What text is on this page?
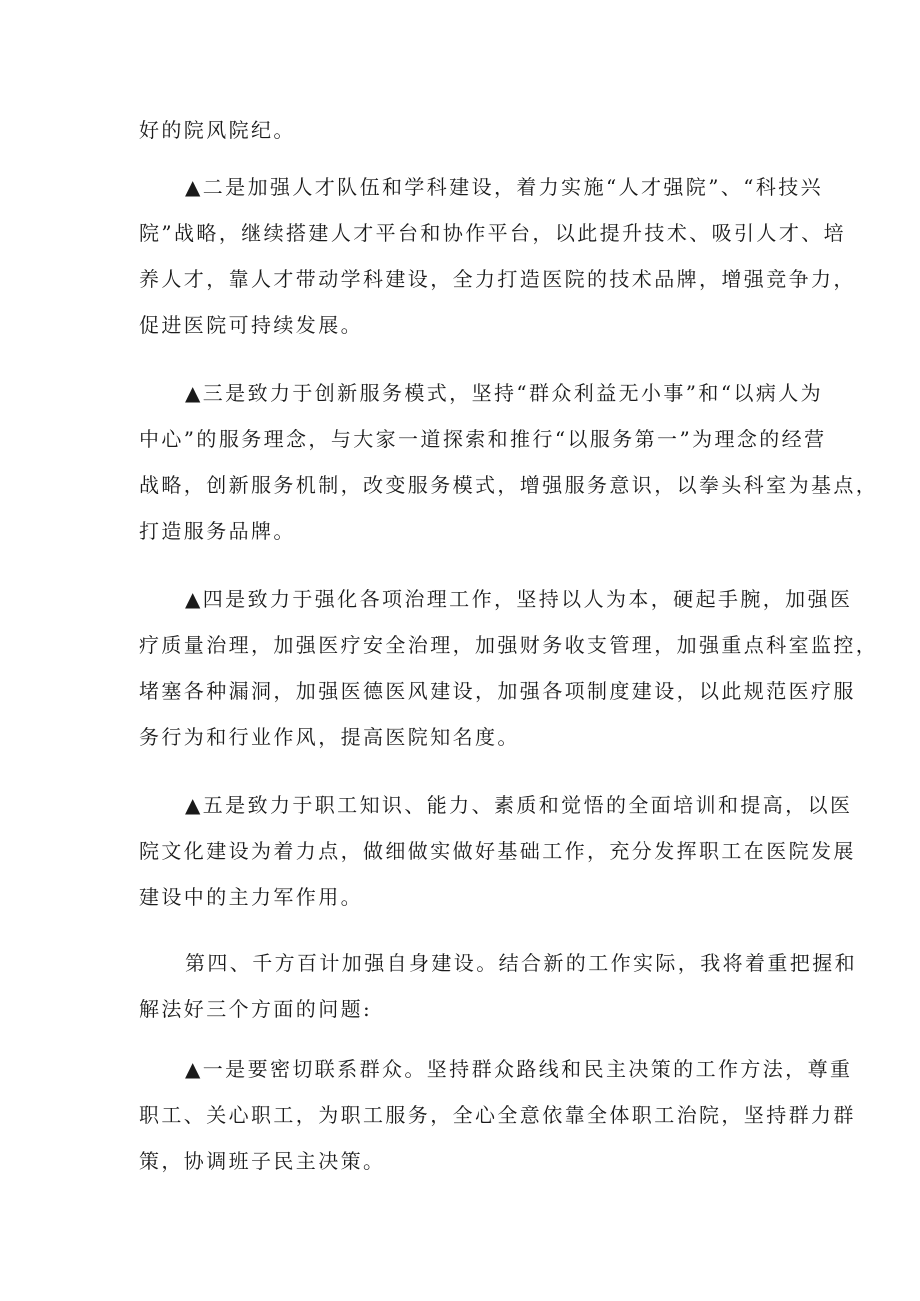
好的院风院纪。

▲二是加强人才队伍和学科建设，着力实施“人才强院”、“科技兴
院”战略，继续搭建人才平台和协作平台，以此提升技术、吸引人才、培
养人才，靠人才带动学科建设，全力打造医院的技术品牌，增强竞争力，
促进医院可持续发展。

▲三是致力于创新服务模式，坚持“群众利益无小事”和“以病人为
中心”的服务理念，与大家一道探索和推行“以服务第一”为理念的经营
战略，创新服务机制，改变服务模式，增强服务意识，以拳头科室为基点，
打造服务品牌。

▲四是致力于强化各项治理工作，坚持以人为本，硬起手腕，加强医
疗质量治理，加强医疗安全治理，加强财务收支管理，加强重点科室监控，
堵塞各种漏洞，加强医德医风建设，加强各项制度建设，以此规范医疗服
务行为和行业作风，提高医院知名度。

▲五是致力于职工知识、能力、素质和觉悟的全面培训和提高，以医
院文化建设为着力点，做细做实做好基础工作，充分发挥职工在医院发展
建设中的主力军作用。

第四、千方百计加强自身建设。结合新的工作实际，我将着重把握和
解法好三个方面的问题:

▲一是要密切联系群众。坚持群众路线和民主决策的工作方法，尊重
职工、关心职工，为职工服务，全心全意依靠全体职工治院，坚持群力群
策，协调班子民主决策。
